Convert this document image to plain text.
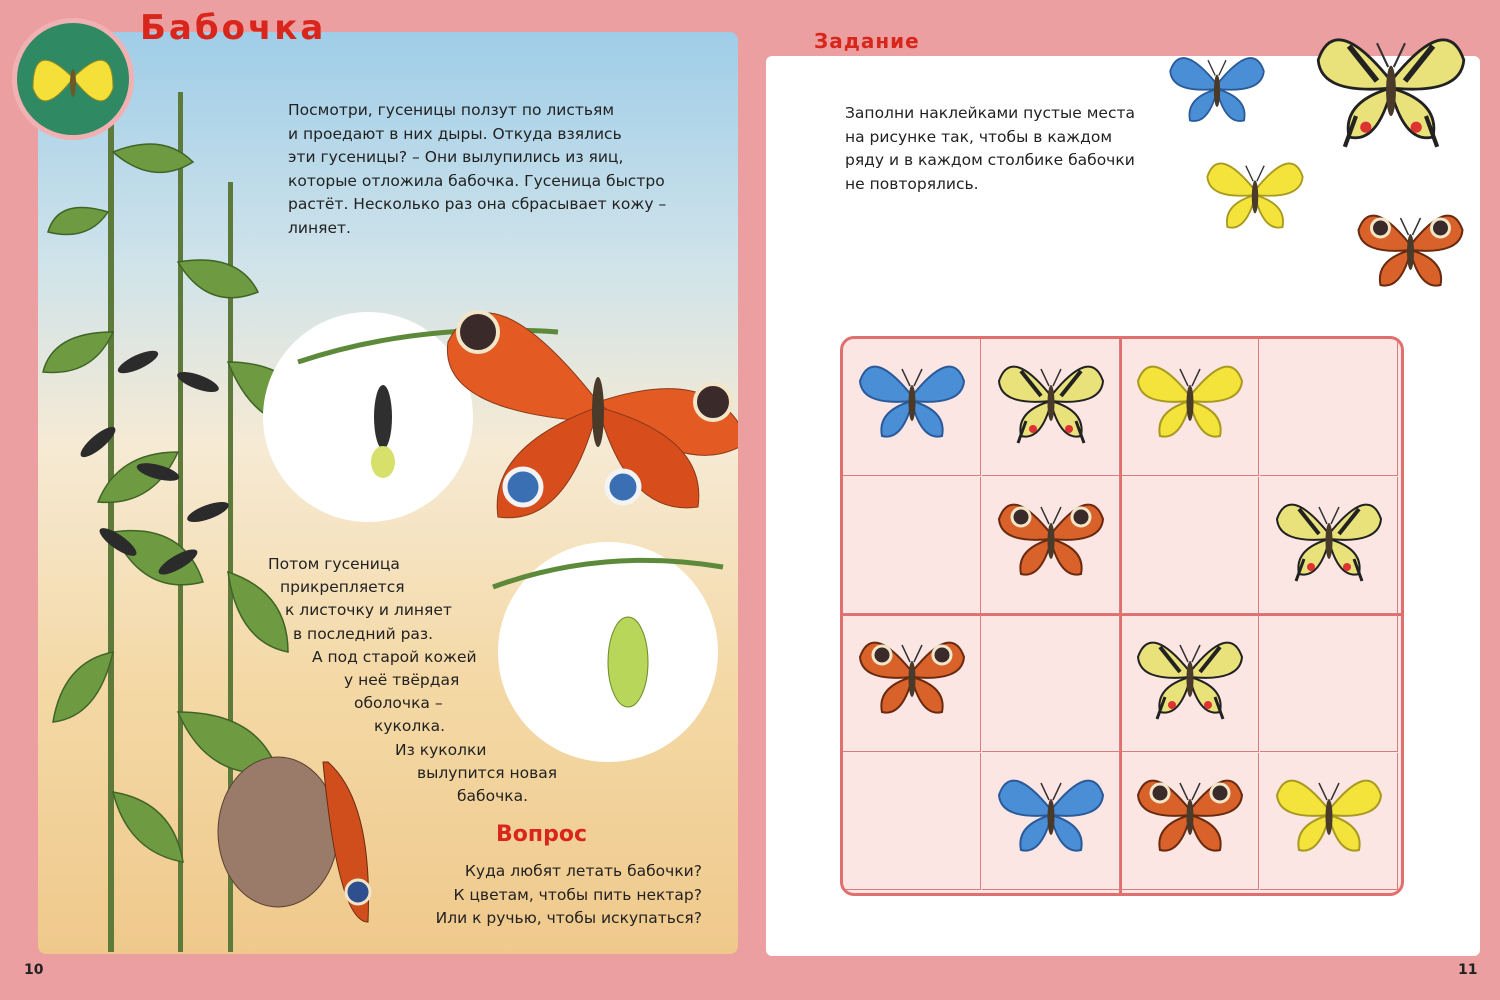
Бабочка
Посмотри, гусеницы ползут по листьям
и проедают в них дыры. Откуда взялись
эти гусеницы? – Они вылупились из яиц,
которые отложила бабочка. Гусеница быстро
растёт. Несколько раз она сбрасывает кожу –
линяет.
Потом гусеница
прикрепляется
к листочку и линяет
в последний раз.
А под старой кожей
у неё твёрдая
оболочка –
куколка.
Из куколки
вылупится новая
бабочка.
Вопрос
Куда любят летать бабочки?
К цветам, чтобы пить нектар?
Или к ручью, чтобы искупаться?
10
Задание
Заполни наклейками пустые места
на рисунке так, чтобы в каждом
ряду и в каждом столбике бабочки
не повторялись.
11
